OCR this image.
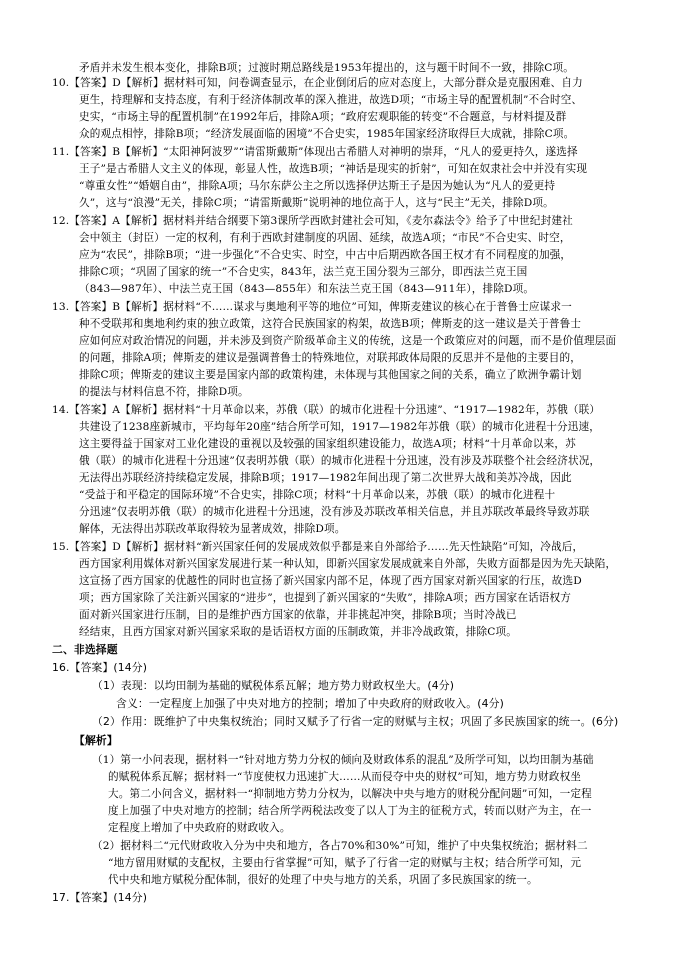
矛盾并未发生根本变化，排除B项；过渡时期总路线是1953年提出的，这与题干时间不一致，排除C项。
10.【答案】D【解析】据材料可知，问卷调查显示，在企业倒闭后的应对态度上，大部分群众是克服困难、自力
更生，持理解和支持态度，有利于经济体制改革的深入推进，故选D项；“市场主导的配置机制”不合时空、
史实，“市场主导的配置机制”在1992年后，排除A项；“政府宏观职能的转变”不合题意，与材料提及群
众的观点相悖，排除B项；“经济发展面临的困境”不合史实，1985年国家经济取得巨大成就，排除C项。
11.【答案】B【解析】“太阳神阿波罗”“请雷斯戴斯”体现出古希腊人对神明的崇拜，“凡人的爱更持久，遂选择
王子”是古希腊人文主义的体现，彰显人性，故选B项；“神话是现实的折射”，可知在奴隶社会中并没有实现
“尊重女性”“婚姻自由”，排除A项；马尔东萨公主之所以选择伊达斯王子是因为她认为“凡人的爱更持
久”，这与“浪漫”无关，排除C项；“请雷斯戴斯”说明神的地位高于人，这与“民主”无关，排除D项。
12.【答案】A【解析】据材料并结合纲要下第3课所学西欧封建社会可知，《麦尔森法令》给予了中世纪封建社
会中领主（封臣）一定的权利，有利于西欧封建制度的巩固、延续，故选A项；“市民”不合史实、时空，
应为“农民”，排除B项；“进一步强化”不合史实、时空，中古中后期西欧各国王权才有不同程度的加强，
排除C项；“巩固了国家的统一”不合史实，843年，法兰克王国分裂为三部分，即西法兰克王国
（843—987年）、中法兰克王国（843—855年）和东法兰克王国（843—911年），排除D项。
13.【答案】B【解析】据材料“不……谋求与奥地利平等的地位”可知，俾斯麦建议的核心在于普鲁士应谋求一
种不受联邦和奥地利约束的独立政策，这符合民族国家的构架，故选B项；俾斯麦的这一建议是关于普鲁士
应如何应对政治情况的问题，并未涉及到资产阶级革命主义的传统，这是一个政策应对的问题，而不是价值理层面
的问题，排除A项；俾斯麦的建议是强调普鲁士的特殊地位，对联邦政体局限的反思并不是他的主要目的，
排除C项；俾斯麦的建议主要是国家内部的政策构建，未体现与其他国家之间的关系，确立了欧洲争霸计划
的提法与材料信息不符，排除D项。
14.【答案】A【解析】据材料“十月革命以来，苏俄（联）的城市化进程十分迅速”、“1917—1982年，苏俄（联）
共建设了1238座新城市，平均每年20座”结合所学可知，1917—1982年苏俄（联）的城市化进程十分迅速，
这主要得益于国家对工业化建设的重视以及较强的国家组织建设能力，故选A项；材料“十月革命以来，苏
俄（联）的城市化进程十分迅速”仅表明苏俄（联）的城市化进程十分迅速，没有涉及苏联整个社会经济状况，
无法得出苏联经济持续稳定发展，排除B项；1917—1982年间出现了第二次世界大战和美苏冷战，因此
“受益于和平稳定的国际环境”不合史实，排除C项；材料“十月革命以来，苏俄（联）的城市化进程十
分迅速”仅表明苏俄（联）的城市化进程十分迅速，没有涉及苏联改革相关信息，并且苏联改革最终导致苏联
解体，无法得出苏联改革取得较为显著成效，排除D项。
15.【答案】D【解析】据材料“新兴国家任何的发展成效似乎都是来自外部给予……先天性缺陷”可知，冷战后，
西方国家利用媒体对新兴国家发展进行某一种认知，即新兴国家发展成就来自外部，失败方面都是因为先天缺陷，
这宣扬了西方国家的优越性的同时也宣扬了新兴国家内部不足，体现了西方国家对新兴国家的行压，故选D
项；西方国家除了关注新兴国家的“进步”，也提到了新兴国家的“失败”，排除A项；西方国家在话语权方
面对新兴国家进行压制，目的是维护西方国家的依靠，并非挑起冲突，排除B项；当时冷战已
经结束，且西方国家对新兴国家采取的是话语权方面的压制政策，并非冷战政策，排除C项。
二、非选择题
16.【答案】(14分)
（1）表现：以均田制为基础的赋税体系瓦解；地方势力财政权坐大。(4分)
含义：一定程度上加强了中央对地方的控制；增加了中央政府的财政收入。(4分)
（2）作用：既维护了中央集权统治；同时又赋予了行省一定的财赋与主权；巩固了多民族国家的统一。(6分)
【解析】
（1）第一小问表现，据材料一“针对地方势力分权的倾向及财政体系的混乱”及所学可知，以均田制为基础
的赋税体系瓦解；据材料一“节度使权力迅速扩大……从而侵夺中央的财权”可知，地方势力财政权坐
大。第二小问含义，据材料一“抑制地方势力分权为，以解决中央与地方的财税分配问题”可知，一定程
度上加强了中央对地方的控制；结合所学两税法改变了以人丁为主的征税方式，转而以财产为主，在一
定程度上增加了中央政府的财政收入。
（2）据材料二“元代财政收入分为中央和地方，各占70%和30%”可知，维护了中央集权统治；据材料二
“地方留用财赋的支配权，主要由行省掌握”可知，赋予了行省一定的财赋与主权；结合所学可知，元
代中央和地方赋税分配体制，很好的处理了中央与地方的关系，巩固了多民族国家的统一。
17.【答案】(14分)
